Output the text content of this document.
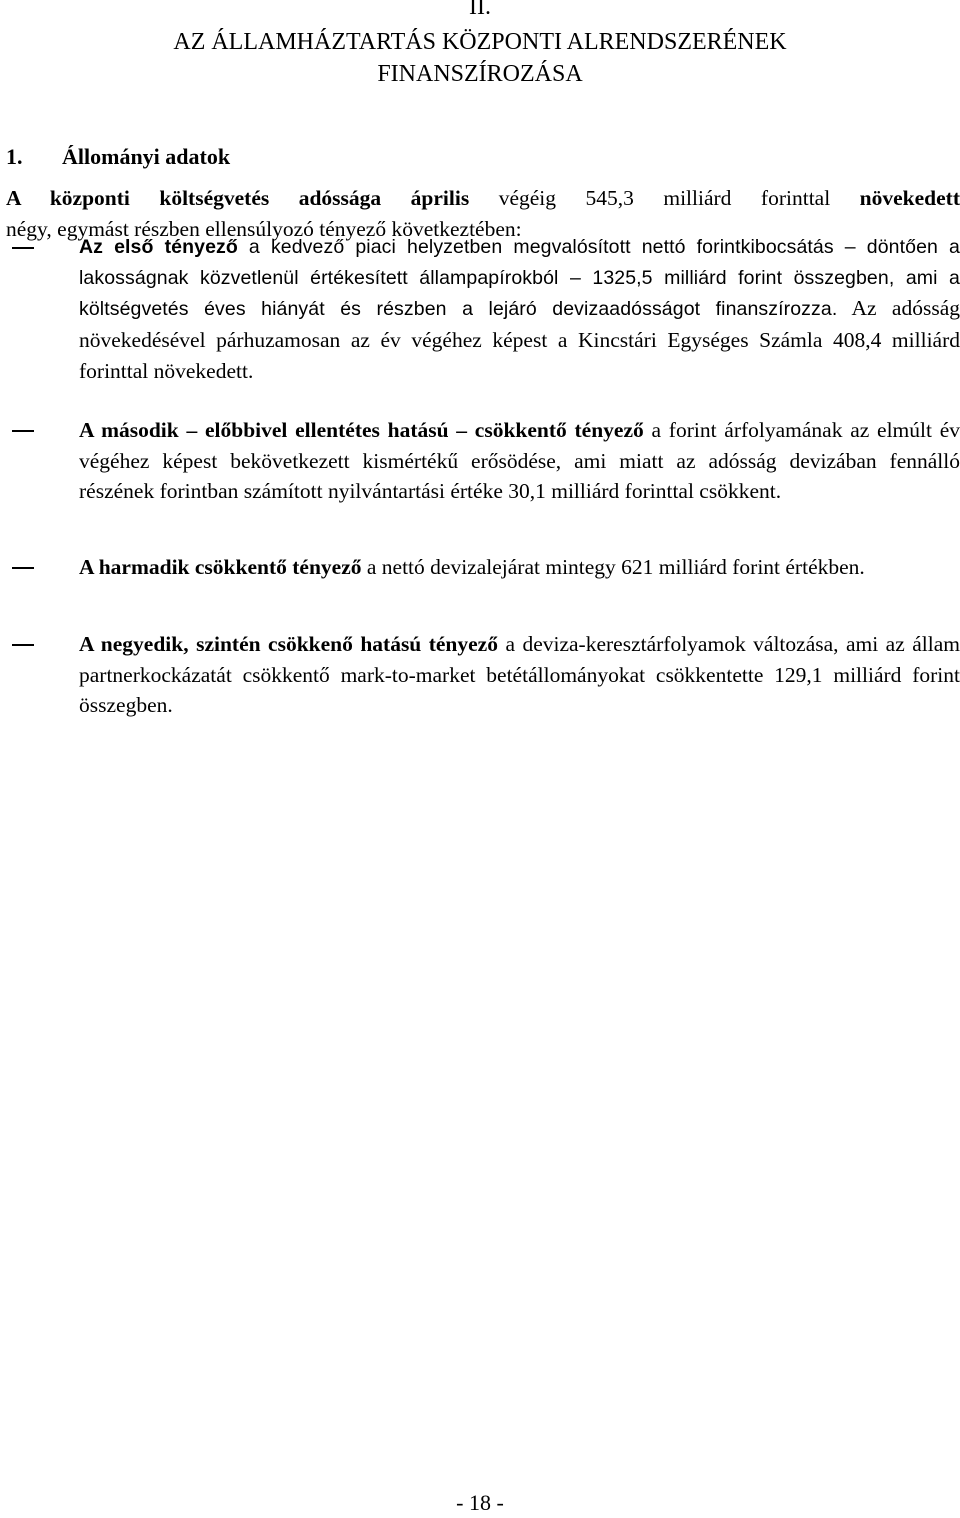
II.
AZ ÁLLAMHÁZTARTÁS KÖZPONTI ALRENDSZERÉNEK
FINANSZÍROZÁSA
1. Állományi adatok

A központi költségvetés adóssága április végéig 545,3 milliárd forinttal növekedett
négy, egymást részben ellensúlyozó tényező következtében:

Az első tényező a kedvező piaci helyzetben megvalósított nettó forintkibocsátás – döntően a lakosságnak közvetlenül értékesített állampapírokból – 1325,5 milliárd forint összegben, ami a költségvetés éves hiányát és részben a lejáró devizaadósságot finanszírozza. Az adósság növekedésével párhuzamosan az év végéhez képest a Kincstári Egységes Számla 408,4 milliárd forinttal növekedett.

A második – előbbivel ellentétes hatású – csökkentő tényező a forint árfolyamának az elmúlt év végéhez képest bekövetkezett kismértékű erősödése, ami miatt az adósság devizában fennálló részének forintban számított nyilvántartási értéke 30,1 milliárd forinttal csökkent.

A harmadik csökkentő tényező a nettó devizalejárat mintegy 621 milliárd forint értékben.

A negyedik, szintén csökkenő hatású tényező a deviza-keresztárfolyamok változása, ami az állam partnerkockázatát csökkentő mark-to-market betétállományokat csökkentette 129,1 milliárd forint összegben.

- 18 -
